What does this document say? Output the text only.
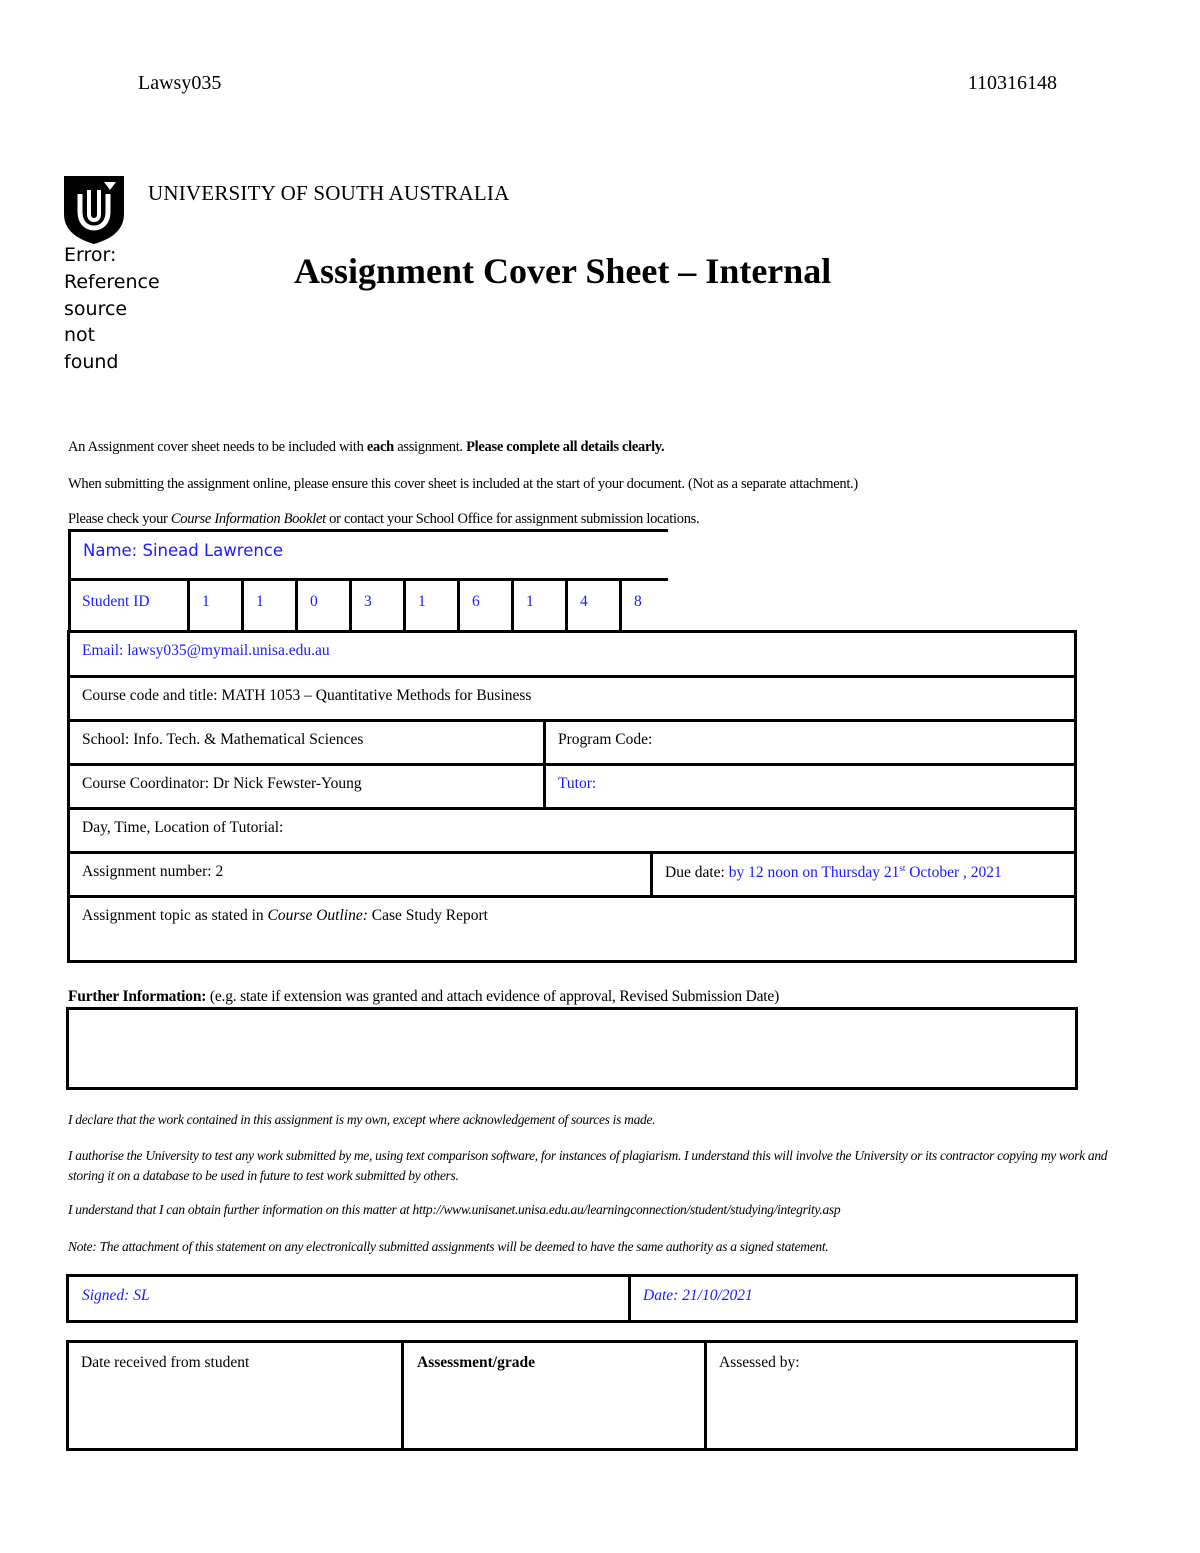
Lawsy035	110316148
Error: Reference source not found
UNIVERSITY OF SOUTH AUSTRALIA
Assignment Cover Sheet – Internal
An Assignment cover sheet needs to be included with each assignment. Please complete all details clearly.
When submitting the assignment online, please ensure this cover sheet is included at the start of your document. (Not as a separate attachment.)
Please check your Course Information Booklet or contact your School Office for assignment submission locations.
Name: Sinead Lawrence
Student ID	1	1	0	3	1	6	1	4	8
Email: lawsy035@mymail.unisa.edu.au
Course code and title: MATH 1053 – Quantitative Methods for Business
School: Info. Tech. & Mathematical Sciences	Program Code:
Course Coordinator: Dr Nick Fewster-Young	Tutor:
Day, Time, Location of Tutorial:
Assignment number: 2	Due date: by 12 noon on Thursday 21st October , 2021
Assignment topic as stated in Course Outline: Case Study Report
Further Information: (e.g. state if extension was granted and attach evidence of approval, Revised Submission Date)
I declare that the work contained in this assignment is my own, except where acknowledgement of sources is made.
I authorise the University to test any work submitted by me, using text comparison software, for instances of plagiarism. I understand this will involve the University or its contractor copying my work and storing it on a database to be used in future to test work submitted by others.
I understand that I can obtain further information on this matter at http://www.unisanet.unisa.edu.au/learningconnection/student/studying/integrity.asp
Note: The attachment of this statement on any electronically submitted assignments will be deemed to have the same authority as a signed statement.
Signed: SL	Date: 21/10/2021
Date received from student	Assessment/grade	Assessed by:
